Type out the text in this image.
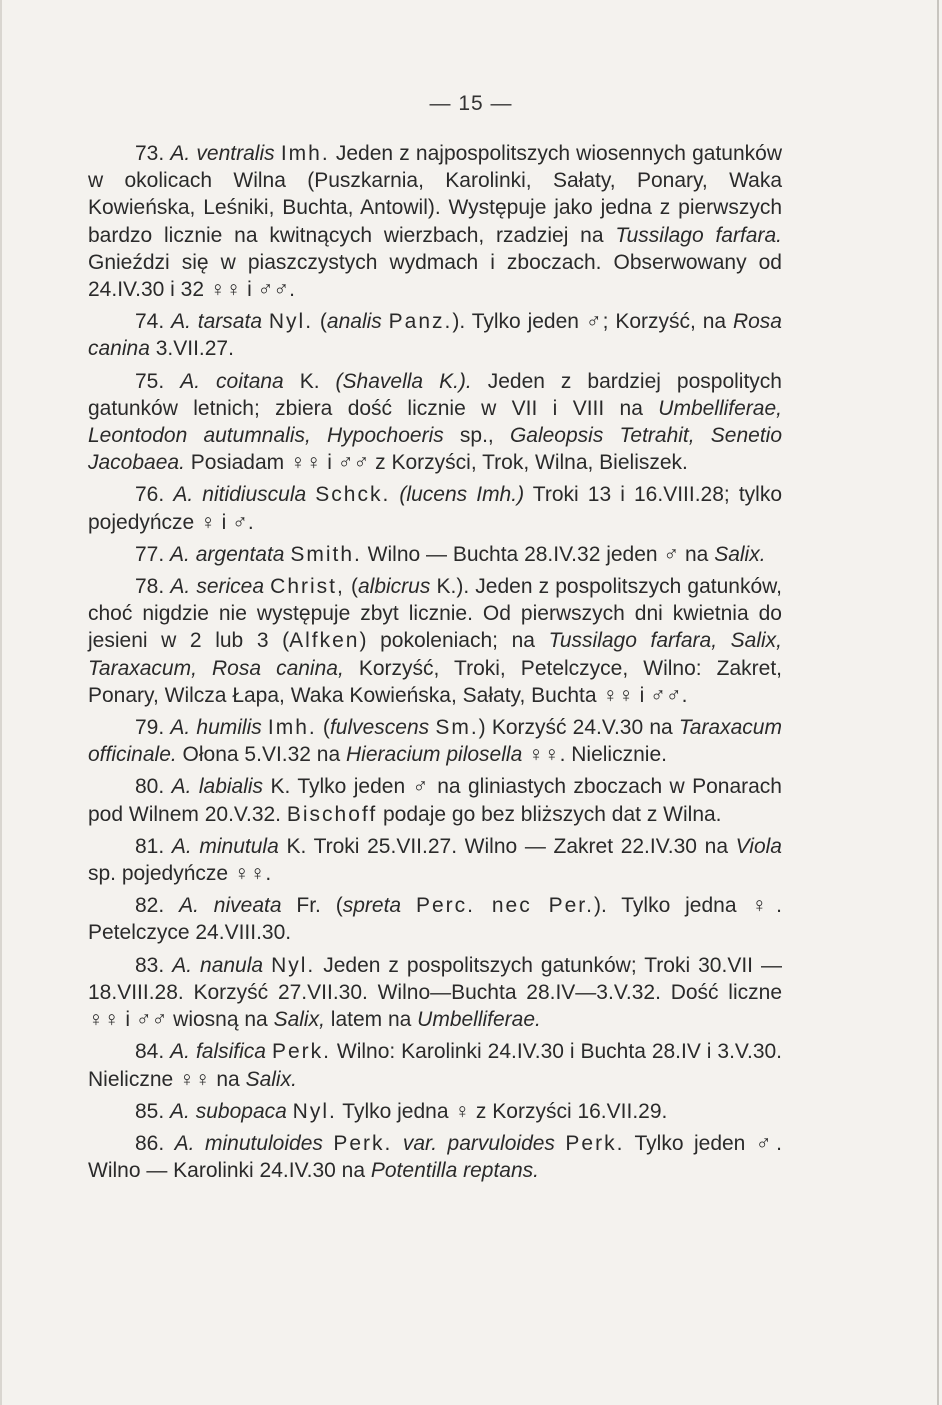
— 15 —

73. A. ventralis Imh. Jeden z najpospolitszych wiosennych gatunków w okolicach Wilna (Puszkarnia, Karolinki, Sałaty, Ponary, Waka Kowieńska, Leśniki, Buchta, Antowil). Występuje jako jedna z pierwszych bardzo licznie na kwitnących wierzbach, rzadziej na Tussilago farfara. Gnieździ się w piaszczystych wydmach i zboczach. Obserwowany od 24.IV.30 i 32 ♀♀ i ♂♂.

74. A. tarsata Nyl. (analis Panz.). Tylko jeden ♂; Korzyść, na Rosa canina 3.VII.27.

75. A. coitana K. (Shavella K.). Jeden z bardziej pospolitych gatunków letnich; zbiera dość licznie w VII i VIII na Umbelliferae, Leontodon autumnalis, Hypochoeris sp., Galeopsis Tetrahit, Senetio Jacobaea. Posiadam ♀♀ i ♂♂ z Korzyści, Trok, Wilna, Bieliszek.

76. A. nitidiuscula Schck. (lucens Imh.) Troki 13 i 16.VIII.28; tylko pojedyńcze ♀ i ♂.

77. A. argentata Smith. Wilno — Buchta 28.IV.32 jeden ♂ na Salix.

78. A. sericea Christ, (albicrus K.). Jeden z pospolitszych gatunków, choć nigdzie nie występuje zbyt licznie. Od pierwszych dni kwietnia do jesieni w 2 lub 3 (Alfken) pokoleniach; na Tussilago farfara, Salix, Taraxacum, Rosa canina, Korzyść, Troki, Petelczyce, Wilno: Zakret, Ponary, Wilcza Łapa, Waka Kowieńska, Sałaty, Buchta ♀♀ i ♂♂.

79. A. humilis Imh. (fulvescens Sm.) Korzyść 24.V.30 na Taraxacum officinale. Ołona 5.VI.32 na Hieracium pilosella ♀♀. Nielicznie.

80. A. labialis K. Tylko jeden ♂ na gliniastych zboczach w Ponarach pod Wilnem 20.V.32. Bischoff podaje go bez bliższych dat z Wilna.

81. A. minutula K. Troki 25.VII.27. Wilno — Zakret 22.IV.30 na Viola sp. pojedyńcze ♀♀.

82. A. niveata Fr. (spreta Perc. nec Per.). Tylko jedna ♀. Petelczyce 24.VIII.30.

83. A. nanula Nyl. Jeden z pospolitszych gatunków; Troki 30.VII — 18.VIII.28. Korzyść 27.VII.30. Wilno—Buchta 28.IV—3.V.32. Dość liczne ♀♀ i ♂♂ wiosną na Salix, latem na Umbelliferae.

84. A. falsifica Perk. Wilno: Karolinki 24.IV.30 i Buchta 28.IV i 3.V.30. Nieliczne ♀♀ na Salix.

85. A. subopaca Nyl. Tylko jedna ♀ z Korzyści 16.VII.29.

86. A. minutuloides Perk. var. parvuloides Perk. Tylko jeden ♂. Wilno — Karolinki 24.IV.30 na Potentilla reptans.
